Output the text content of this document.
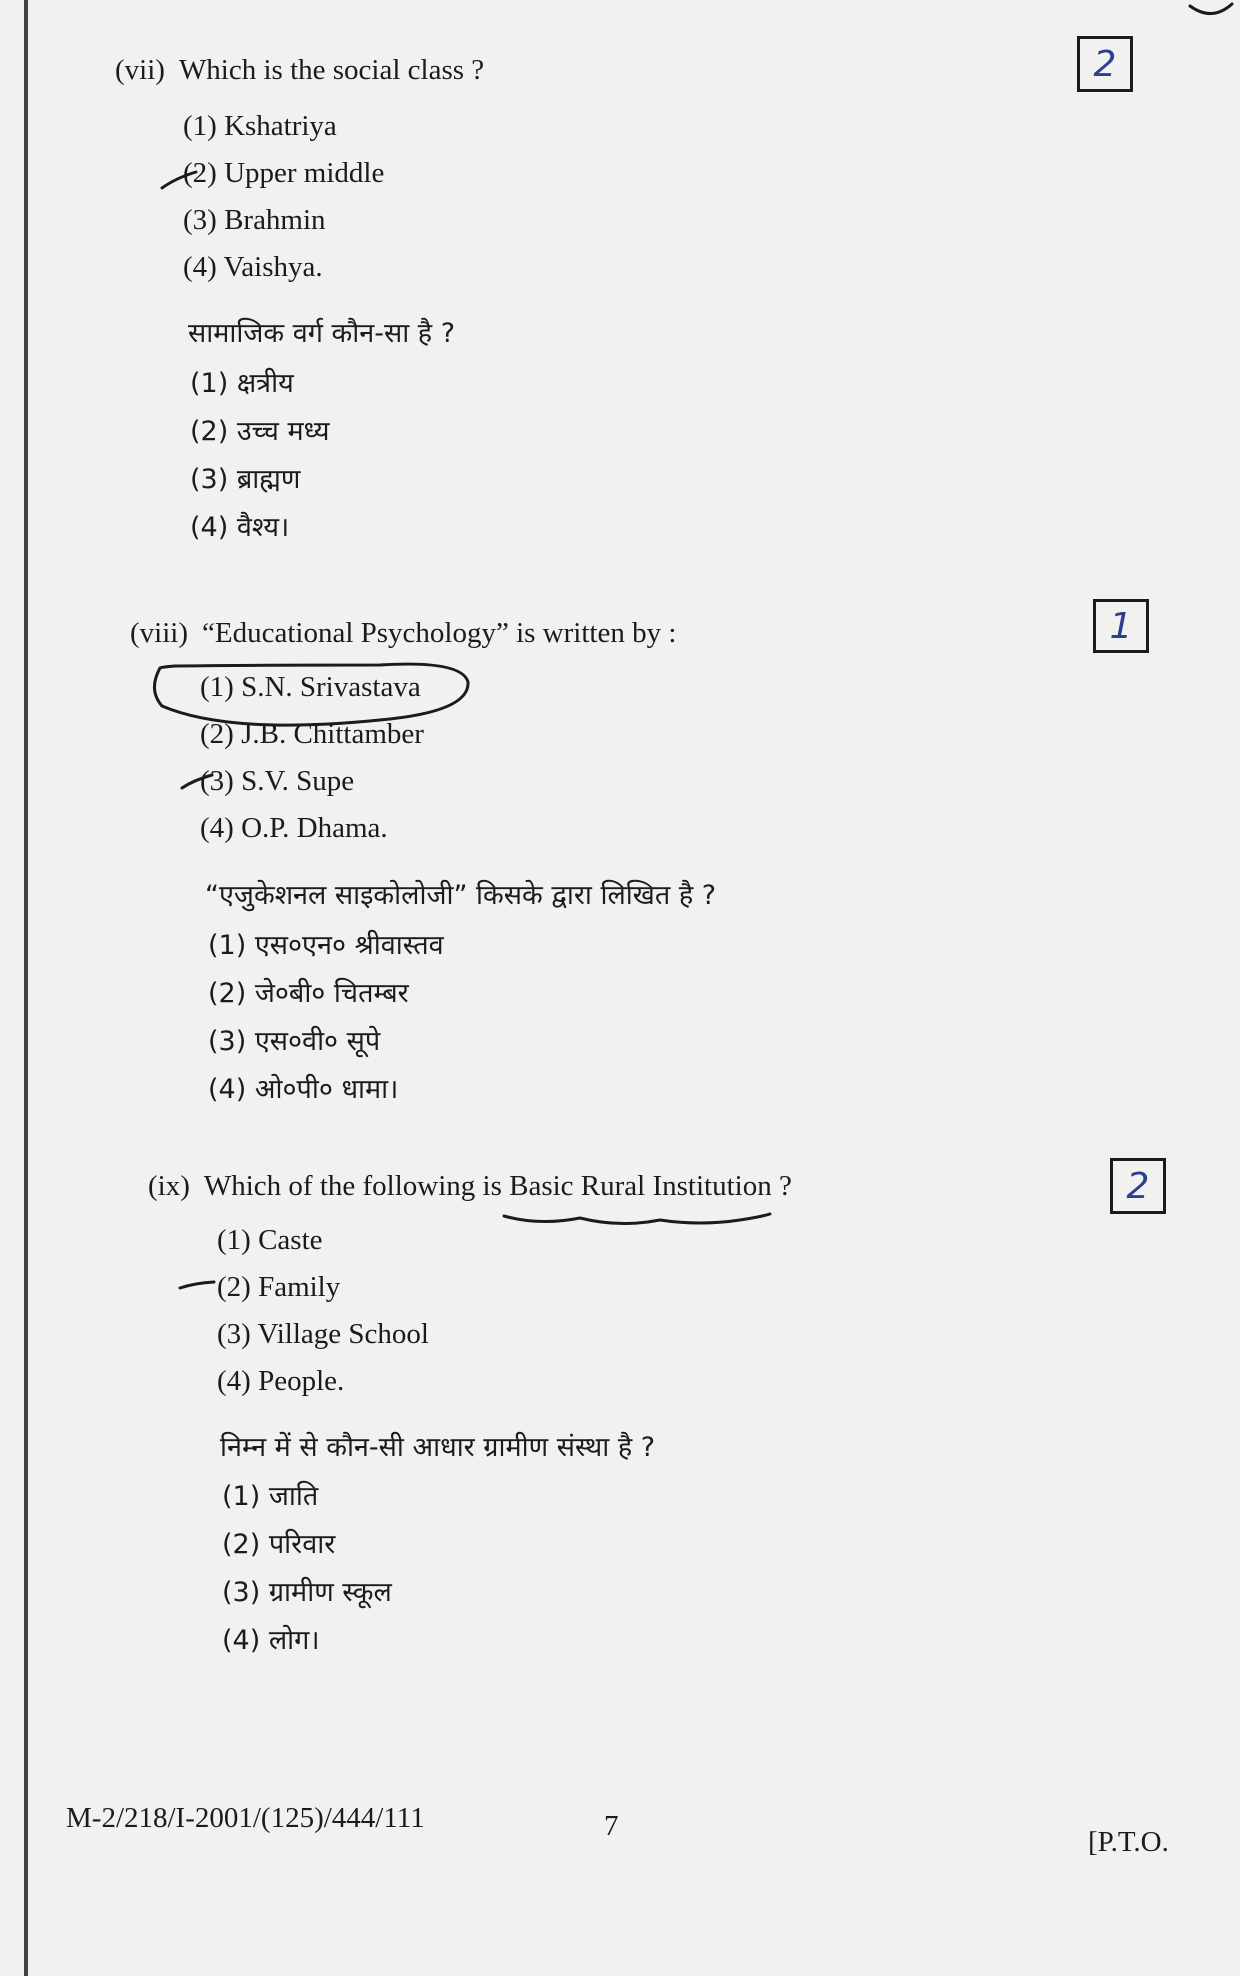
(vii) Which is the social class ?
(1) Kshatriya
(2) Upper middle
(3) Brahmin
(4) Vaishya.
सामाजिक वर्ग कौन-सा है ?
(1) क्षत्रीय
(2) उच्च मध्य
(3) ब्राह्मण
(4) वैश्य।
2
(viii) “Educational Psychology” is written by :
(1) S.N. Srivastava
(2) J.B. Chittamber
(3) S.V. Supe
(4) O.P. Dhama.
“एजुकेशनल साइकोलोजी” किसके द्वारा लिखित है ?
(1) एस०एन० श्रीवास्तव
(2) जे०बी० चितम्बर
(3) एस०वी० सूपे
(4) ओ०पी० धामा।
1
(ix) Which of the following is Basic Rural Institution ?
(1) Caste
(2) Family
(3) Village School
(4) People.
निम्न में से कौन-सी आधार ग्रामीण संस्था है ?
(1) जाति
(2) परिवार
(3) ग्रामीण स्कूल
(4) लोग।
2
M-2/218/I-2001/(125)/444/111	7	[P.T.O.
